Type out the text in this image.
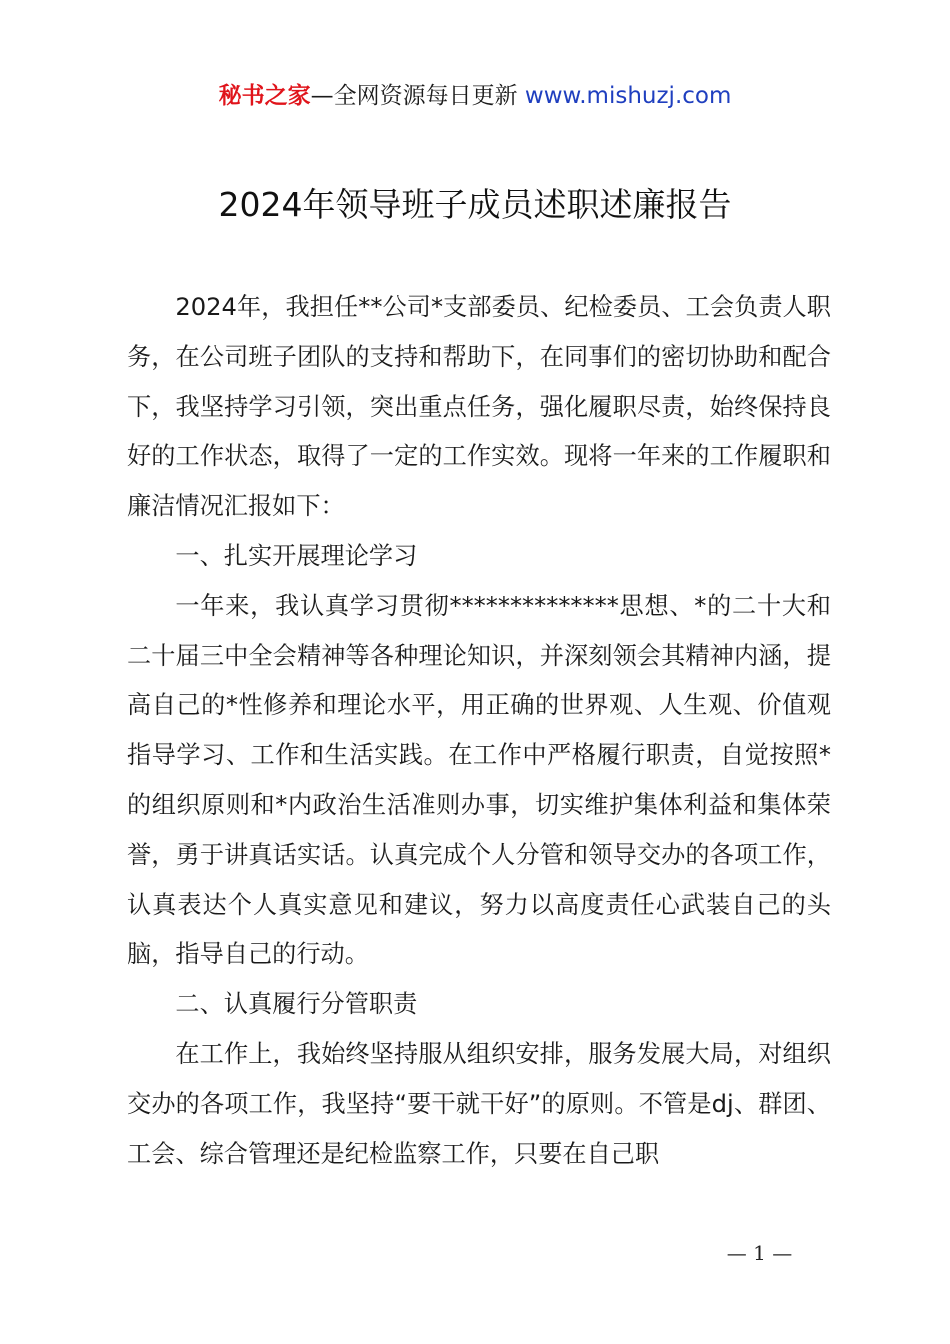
秘书之家—全网资源每日更新 www.mishuzj.com
2024年领导班子成员述职述廉报告

2024年，我担任**公司*支部委员、纪检委员、工会负责人职务，在公司班子团队的支持和帮助下，在同事们的密切协助和配合下，我坚持学习引领，突出重点任务，强化履职尽责，始终保持良好的工作状态，取得了一定的工作实效。现将一年来的工作履职和廉洁情况汇报如下：

一、扎实开展理论学习

一年来，我认真学习贯彻**************思想、*的二十大和二十届三中全会精神等各种理论知识，并深刻领会其精神内涵，提高自己的*性修养和理论水平，用正确的世界观、人生观、价值观指导学习、工作和生活实践。在工作中严格履行职责，自觉按照*的组织原则和*内政治生活准则办事，切实维护集体利益和集体荣誉，勇于讲真话实话。认真完成个人分管和领导交办的各项工作，认真表达个人真实意见和建议，努力以高度责任心武装自己的头脑，指导自己的行动。

二、认真履行分管职责

在工作上，我始终坚持服从组织安排，服务发展大局，对组织交办的各项工作，我坚持“要干就干好”的原则。不管是dj、群团、工会、综合管理还是纪检监察工作，只要在自己职

— 1 —
